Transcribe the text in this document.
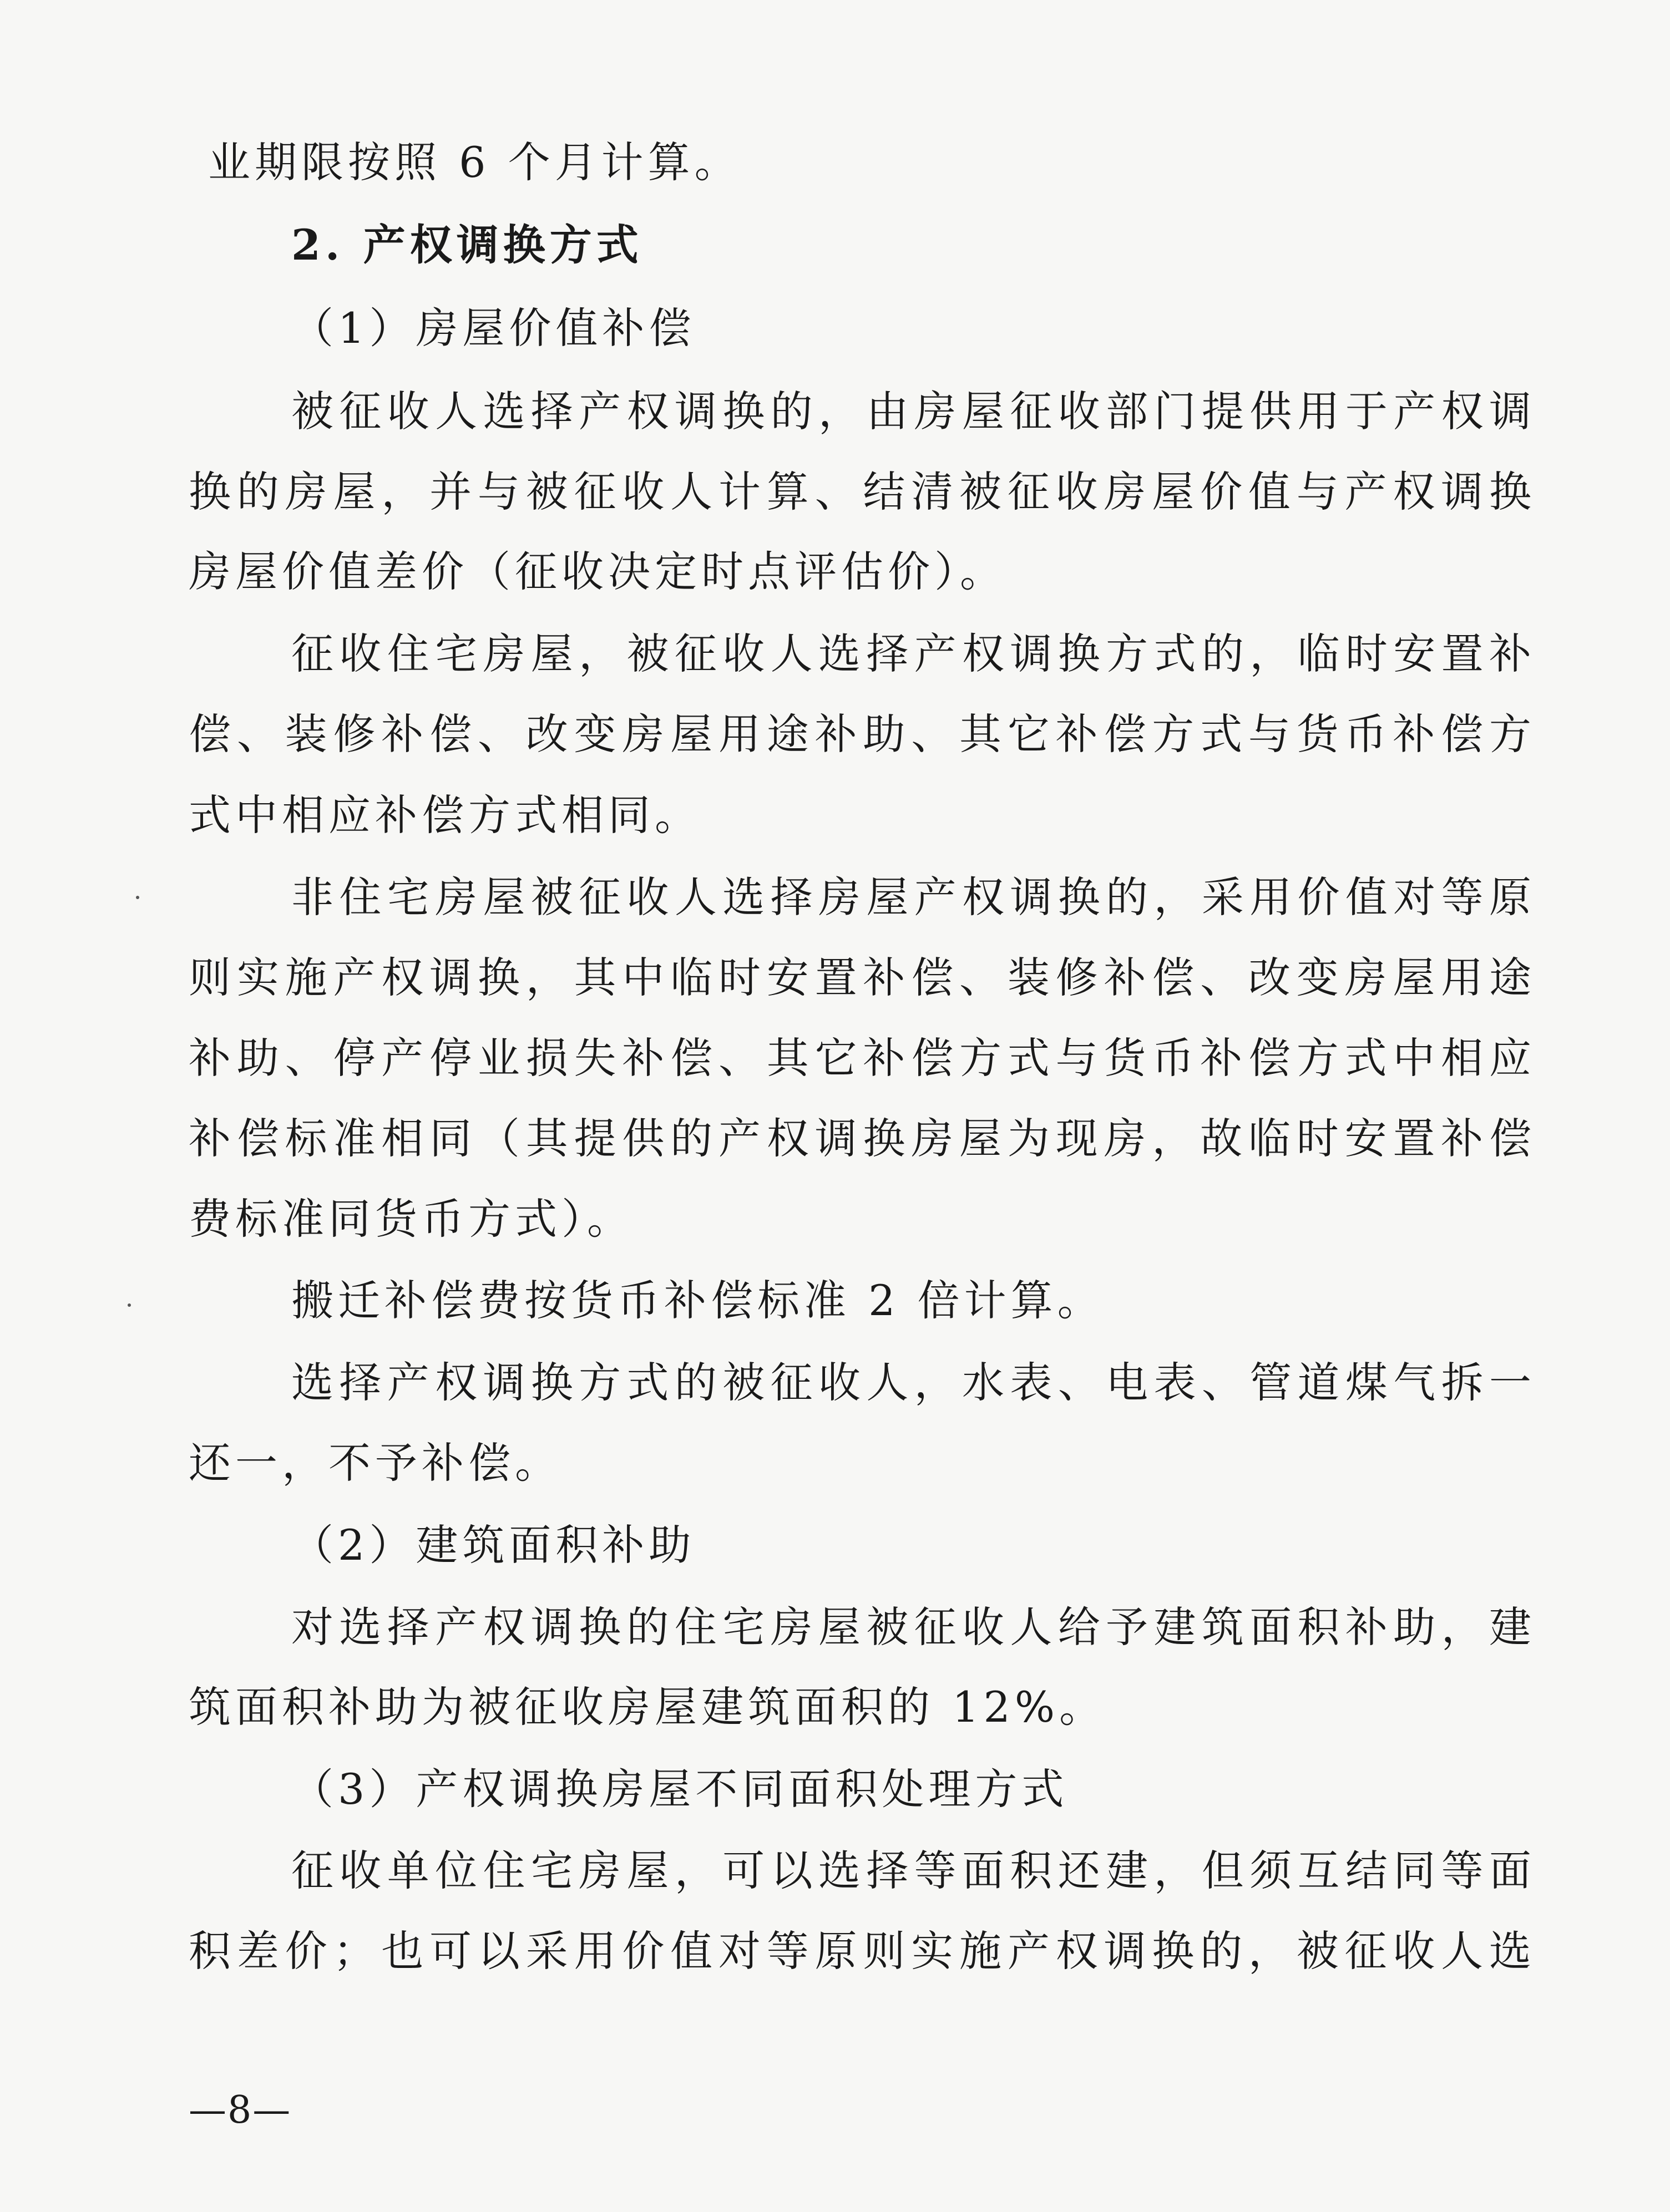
业期限按照 6 个月计算。
2. 产权调换方式
（1）房屋价值补偿
被征收人选择产权调换的，由房屋征收部门提供用于产权调
换的房屋，并与被征收人计算、结清被征收房屋价值与产权调换
房屋价值差价（征收决定时点评估价）。
征收住宅房屋，被征收人选择产权调换方式的，临时安置补
偿、装修补偿、改变房屋用途补助、其它补偿方式与货币补偿方
式中相应补偿方式相同。
非住宅房屋被征收人选择房屋产权调换的，采用价值对等原
则实施产权调换，其中临时安置补偿、装修补偿、改变房屋用途
补助、停产停业损失补偿、其它补偿方式与货币补偿方式中相应
补偿标准相同（其提供的产权调换房屋为现房，故临时安置补偿
费标准同货币方式）。
搬迁补偿费按货币补偿标准 2 倍计算。
选择产权调换方式的被征收人，水表、电表、管道煤气拆一
还一，不予补偿。
（2）建筑面积补助
对选择产权调换的住宅房屋被征收人给予建筑面积补助，建
筑面积补助为被征收房屋建筑面积的 12%。
（3）产权调换房屋不同面积处理方式
征收单位住宅房屋，可以选择等面积还建，但须互结同等面
积差价；也可以采用价值对等原则实施产权调换的，被征收人选
—8—
